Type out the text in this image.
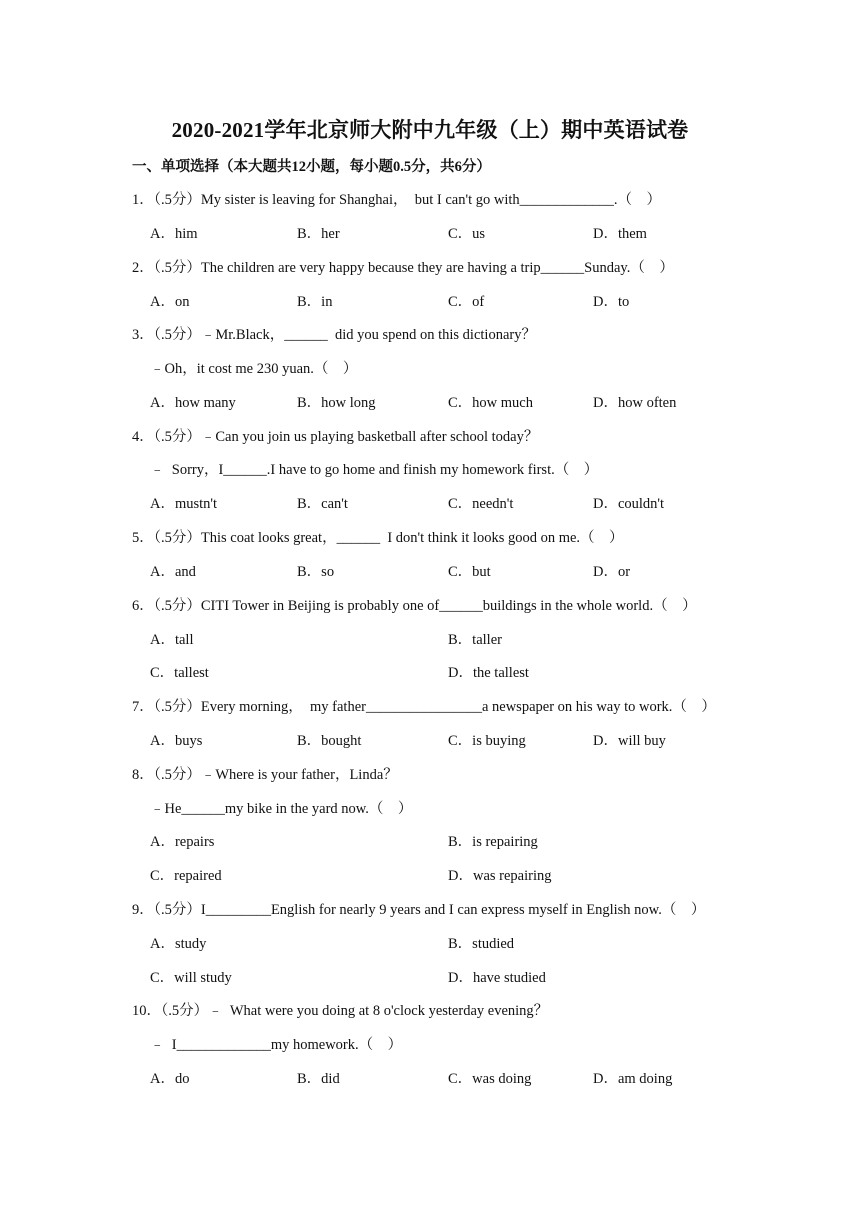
2020-2021学年北京师大附中九年级（上）期中英语试卷
一、单项选择（本大题共12小题，每小题0.5分，共6分）
1．（.5分）My sister is leaving for Shanghai，  but I can't go with_____________.（    ）
A．him	B．her	C．us	D．them
2．（.5分）The children are very happy because they are having a trip______Sunday.（    ）
A．on	B．in	C．of	D．to
3．（.5分）﹣Mr.Black，______  did you spend on this dictionary？
﹣Oh，it cost me 230 yuan.（    ）
A．how many	B．how long	C．how much	D．how often
4．（.5分）﹣Can you join us playing basketball after school today？
﹣  Sorry，I______.I have to go home and finish my homework first.（    ）
A．mustn't	B．can't	C．needn't	D．couldn't
5．（.5分）This coat looks great，______  I don't think it looks good on me.（    ）
A．and	B．so	C．but	D．or
6．（.5分）CITI Tower in Beijing is probably one of______buildings in the whole world.（    ）
A．tall	B．taller
C．tallest	D．the tallest
7．（.5分）Every morning，  my father________________a newspaper on his way to work.（    ）
A．buys	B．bought	C．is buying	D．will buy
8．（.5分）﹣Where is your father，Linda？
﹣He______my bike in the yard now.（    ）
A．repairs	B．is repairing
C．repaired	D．was repairing
9．（.5分）I_________English for nearly 9 years and I can express myself in English now.（    ）
A．study	B．studied
C．will study	D．have studied
10．（.5分）﹣  What were you doing at 8 o'clock yesterday evening？
﹣  I_____________my homework.（    ）
A．do	B．did	C．was doing	D．am doing
